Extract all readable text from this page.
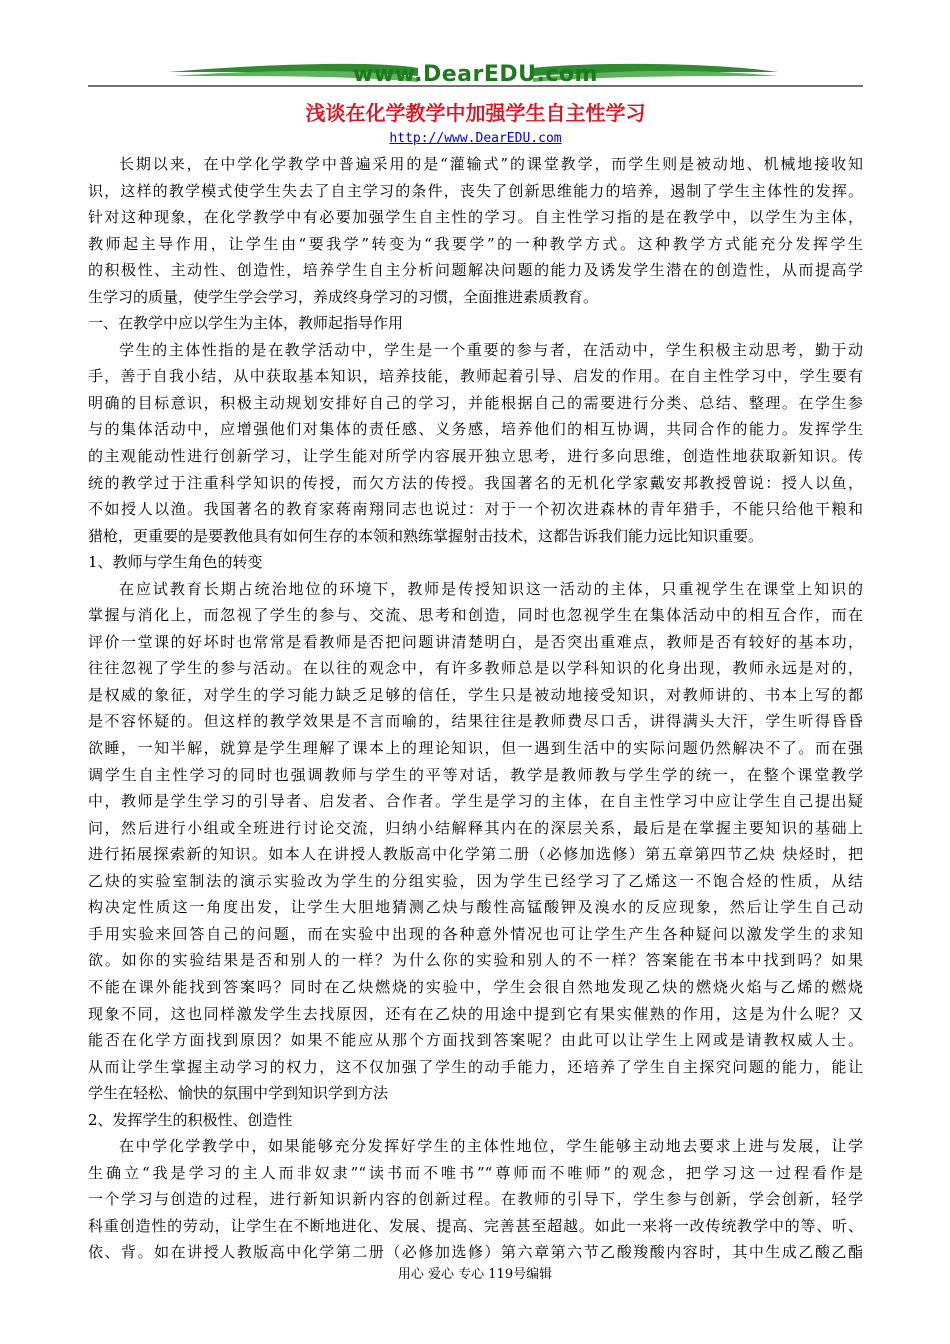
www.DearEDU.com
浅谈在化学教学中加强学生自主性学习
http://www.DearEDU.com
长期以来，在中学化学教学中普遍采用的是“灌输式”的课堂教学，而学生则是被动地、机械地接收知
识，这样的教学模式使学生失去了自主学习的条件，丧失了创新思维能力的培养，遏制了学生主体性的发挥。
针对这种现象，在化学教学中有必要加强学生自主性的学习。自主性学习指的是在教学中，以学生为主体，
教师起主导作用，让学生由“要我学”转变为“我要学”的一种教学方式。这种教学方式能充分发挥学生
的积极性、主动性、创造性，培养学生自主分析问题解决问题的能力及诱发学生潜在的创造性，从而提高学
生学习的质量，使学生学会学习，养成终身学习的习惯，全面推进素质教育。
一、在教学中应以学生为主体，教师起指导作用
学生的主体性指的是在教学活动中，学生是一个重要的参与者，在活动中，学生积极主动思考，勤于动
手，善于自我小结，从中获取基本知识，培养技能，教师起着引导、启发的作用。在自主性学习中，学生要有
明确的目标意识，积极主动规划安排好自己的学习，并能根据自己的需要进行分类、总结、整理。在学生参
与的集体活动中，应增强他们对集体的责任感、义务感，培养他们的相互协调，共同合作的能力。发挥学生
的主观能动性进行创新学习，让学生能对所学内容展开独立思考，进行多向思维，创造性地获取新知识。传
统的教学过于注重科学知识的传授，而欠方法的传授。我国著名的无机化学家戴安邦教授曾说：授人以鱼，
不如授人以渔。我国著名的教育家蒋南翔同志也说过：对于一个初次进森林的青年猎手，不能只给他干粮和
猎枪，更重要的是要教他具有如何生存的本领和熟练掌握射击技术，这都告诉我们能力远比知识重要。
1、教师与学生角色的转变
在应试教育长期占统治地位的环境下，教师是传授知识这一活动的主体，只重视学生在课堂上知识的
掌握与消化上，而忽视了学生的参与、交流、思考和创造，同时也忽视学生在集体活动中的相互合作，而在
评价一堂课的好坏时也常常是看教师是否把问题讲清楚明白，是否突出重难点，教师是否有较好的基本功，
往往忽视了学生的参与活动。在以往的观念中，有许多教师总是以学科知识的化身出现，教师永远是对的，
是权威的象征，对学生的学习能力缺乏足够的信任，学生只是被动地接受知识，对教师讲的、书本上写的都
是不容怀疑的。但这样的教学效果是不言而喻的，结果往往是教师费尽口舌，讲得满头大汗，学生听得昏昏
欲睡，一知半解，就算是学生理解了课本上的理论知识，但一遇到生活中的实际问题仍然解决不了。而在强
调学生自主性学习的同时也强调教师与学生的平等对话，教学是教师教与学生学的统一，在整个课堂教学
中，教师是学生学习的引导者、启发者、合作者。学生是学习的主体，在自主性学习中应让学生自己提出疑
问，然后进行小组或全班进行讨论交流，归纳小结解释其内在的深层关系，最后是在掌握主要知识的基础上
进行拓展探索新的知识。如本人在讲授人教版高中化学第二册（必修加选修）第五章第四节乙炔 炔烃时，把
乙炔的实验室制法的演示实验改为学生的分组实验，因为学生已经学习了乙烯这一不饱合烃的性质，从结
构决定性质这一角度出发，让学生大胆地猜测乙炔与酸性高锰酸钾及溴水的反应现象，然后让学生自己动
手用实验来回答自己的问题，而在实验中出现的各种意外情况也可让学生产生各种疑问以激发学生的求知
欲。如你的实验结果是否和别人的一样？为什么你的实验和别人的不一样？答案能在书本中找到吗？如果
不能在课外能找到答案吗？同时在乙炔燃烧的实验中，学生会很自然地发现乙炔的燃烧火焰与乙烯的燃烧
现象不同，这也同样激发学生去找原因，还有在乙炔的用途中提到它有果实催熟的作用，这是为什么呢？又
能否在化学方面找到原因？如果不能应从那个方面找到答案呢？由此可以让学生上网或是请教权威人士。
从而让学生掌握主动学习的权力，这不仅加强了学生的动手能力，还培养了学生自主探究问题的能力，能让
学生在轻松、愉快的氛围中学到知识学到方法
2、发挥学生的积极性、创造性
在中学化学教学中，如果能够充分发挥好学生的主体性地位，学生能够主动地去要求上进与发展，让学
生确立“我是学习的主人而非奴隶”“读书而不唯书”“尊师而不唯师”的观念，把学习这一过程看作是
一个学习与创造的过程，进行新知识新内容的创新过程。在教师的引导下，学生参与创新，学会创新，轻学
科重创造性的劳动，让学生在不断地进化、发展、提高、完善甚至超越。如此一来将一改传统教学中的等、听、
依、背。如在讲授人教版高中化学第二册（必修加选修）第六章第六节乙酸羧酸内容时，其中生成乙酸乙酯
用心 爱心 专心 119号编辑
